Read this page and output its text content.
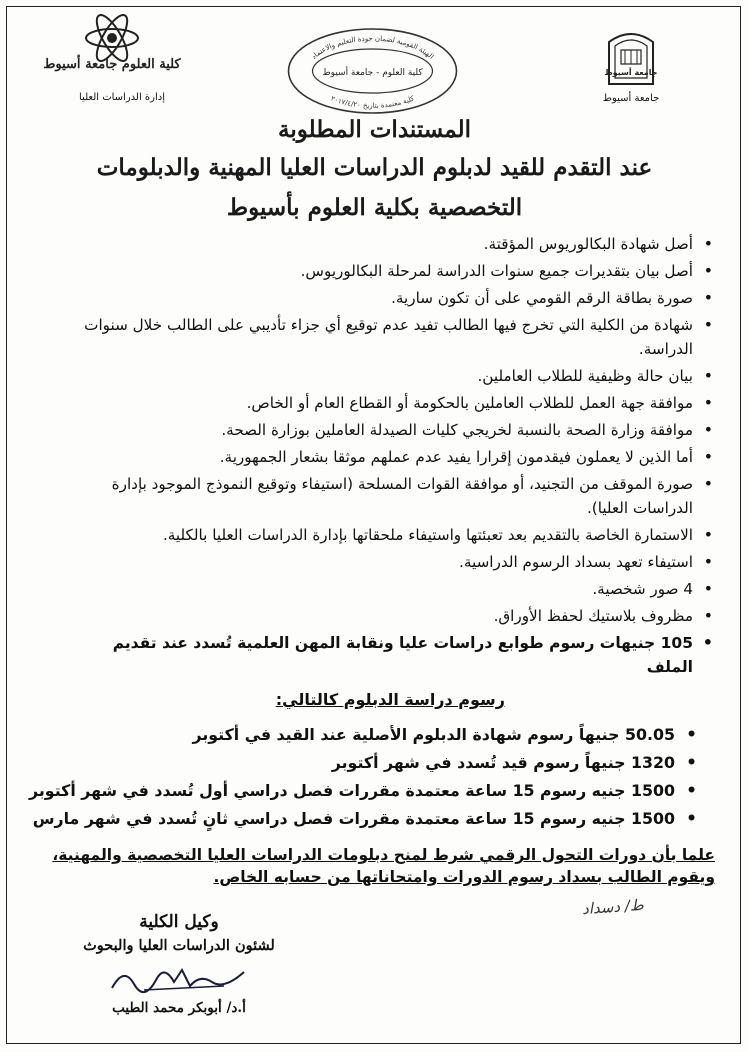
كلية العلوم جامعة أسيوط
إدارة الدراسات العليا
الهيئة القومية لضمان جودة التعليم والاعتماد
كلية معتمدة بتاريخ ٢٠١٧/٤/٢٠
كلية العلوم - جامعة أسيوط	جامعة أسيوط
جامعة أسيوط
المستندات المطلوبة
عند التقدم للقيد لدبلوم الدراسات العليا المهنية والدبلومات
التخصصية بكلية العلوم بأسيوط
• أصل شهادة البكالوريوس المؤقتة.
• أصل بيان بتقديرات جميع سنوات الدراسة لمرحلة البكالوريوس.
• صورة بطاقة الرقم القومي على أن تكون سارية.
• شهادة من الكلية التي تخرج فيها الطالب تفيد عدم توقيع أي جزاء تأديبي على الطالب خلال سنوات الدراسة.
• بيان حالة وظيفية للطلاب العاملين.
• موافقة جهة العمل للطلاب العاملين بالحكومة أو القطاع العام أو الخاص.
• موافقة وزارة الصحة بالنسبة لخريجي كليات الصيدلة العاملين بوزارة الصحة.
• أما الذين لا يعملون فيقدمون إقرارا يفيد عدم عملهم موثقا بشعار الجمهورية.
• صورة الموقف من التجنيد، أو موافقة القوات المسلحة (استيفاء وتوقيع النموذج الموجود بإدارة الدراسات العليا).
• الاستمارة الخاصة بالتقديم بعد تعبئتها واستيفاء ملحقاتها بإدارة الدراسات العليا بالكلية.
• استيفاء تعهد بسداد الرسوم الدراسية.
• 4 صور شخصية.
• مظروف بلاستيك لحفظ الأوراق.
• 105 جنيهات رسوم طوابع دراسات عليا ونقابة المهن العلمية تُسدد عند تقديم الملف
رسوم دراسة الدبلوم كالتالي:
• 50.05 جنيهاً رسوم شهادة الدبلوم الأصلية عند القيد في أكتوبر
• 1320 جنيهاً رسوم قيد تُسدد في شهر أكتوبر
• 1500 جنيه رسوم 15 ساعة معتمدة مقررات فصل دراسي أول تُسدد في شهر أكتوبر
• 1500 جنيه رسوم 15 ساعة معتمدة مقررات فصل دراسي ثانٍ تُسدد في شهر مارس
علما بأن دورات التحول الرقمي شرط لمنح دبلومات الدراسات العليا التخصصية والمهنية، ويقوم الطالب بسداد رسوم الدورات وامتحاناتها من حسابه الخاص.
ط/ دسداد
وكيل الكلية
لشئون الدراسات العليا والبحوث
أ.د/ أبوبكر محمد الطيب
